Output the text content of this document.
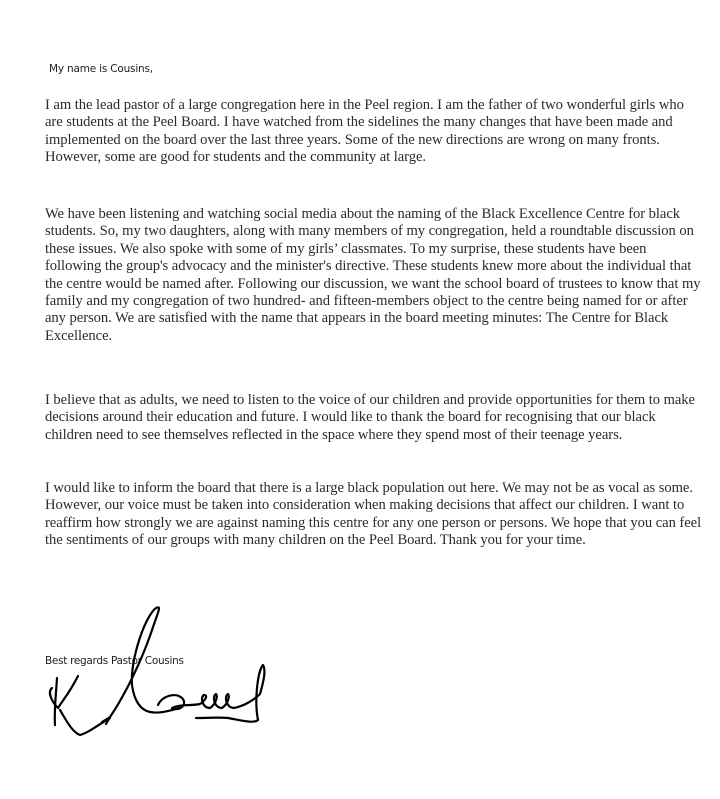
My name is Cousins,

I am the lead pastor of a large congregation here in the Peel region. I am the father of two wonderful girls who are students at the Peel Board. I have watched from the sidelines the many changes that have been made and implemented on the board over the last three years. Some of the new directions are wrong on many fronts. However, some are good for students and the community at large.

We have been listening and watching social media about the naming of the Black Excellence Centre for black students. So, my two daughters, along with many members of my congregation, held a roundtable discussion on these issues. We also spoke with some of my girls’ classmates. To my surprise, these students have been following the group's advocacy and the minister's directive. These students knew more about the individual that the centre would be named after. Following our discussion, we want the school board of trustees to know that my family and my congregation of two hundred- and fifteen-members object to the centre being named for or after any person. We are satisfied with the name that appears in the board meeting minutes: The Centre for Black Excellence.

I believe that as adults, we need to listen to the voice of our children and provide opportunities for them to make decisions around their education and future. I would like to thank the board for recognising that our black children need to see themselves reflected in the space where they spend most of their teenage years.

I would like to inform the board that there is a large black population out here. We may not be as vocal as some. However, our voice must be taken into consideration when making decisions that affect our children. I want to reaffirm how strongly we are against naming this centre for any one person or persons. We hope that you can feel the sentiments of our groups with many children on the Peel Board. Thank you for your time.

Best regards Pastor Cousins
